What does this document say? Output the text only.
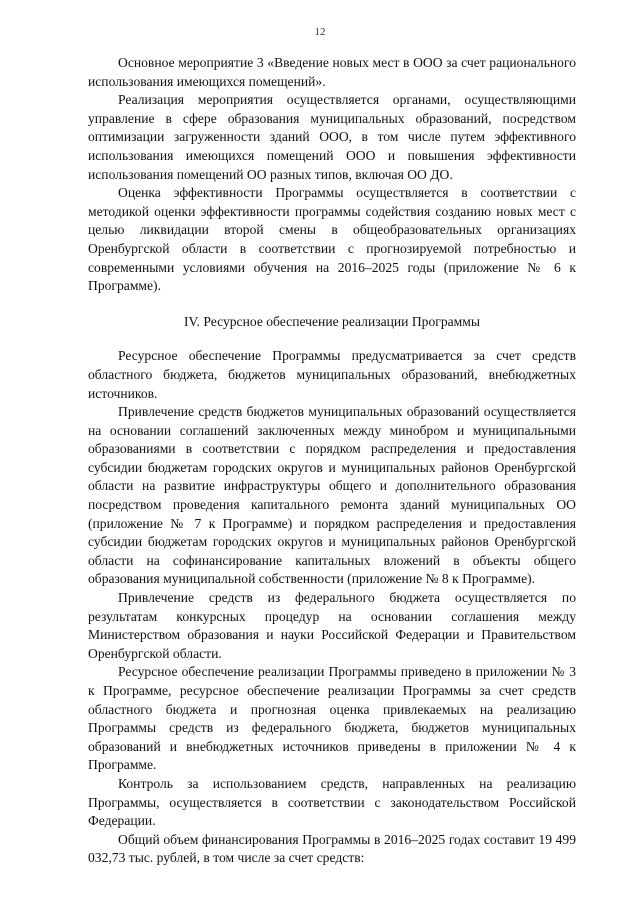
12

Основное мероприятие 3 «Введение новых мест в ООО за счет рационального использования имеющихся помещений».

Реализация мероприятия осуществляется органами, осуществляющими управление в сфере образования муниципальных образований, посредством оптимизации загруженности зданий ООО, в том числе путем эффективного использования имеющихся помещений ООО и повышения эффективности использования помещений ОО разных типов, включая ОО ДО.

Оценка эффективности Программы осуществляется в соответствии с методикой оценки эффективности программы содействия созданию новых мест с целью ликвидации второй смены в общеобразовательных организациях Оренбургской области в соответствии с прогнозируемой потребностью и современными условиями обучения на 2016–2025 годы (приложение № 6 к Программе).

IV. Ресурсное обеспечение реализации Программы

Ресурсное обеспечение Программы предусматривается за счет средств областного бюджета, бюджетов муниципальных образований, внебюджетных источников.

Привлечение средств бюджетов муниципальных образований осуществляется на основании соглашений заключенных между минобром и муниципальными образованиями в соответствии с порядком распределения и предоставления субсидии бюджетам городских округов и муниципальных районов Оренбургской области на развитие инфраструктуры общего и дополнительного образования посредством проведения капитального ремонта зданий муниципальных ОО (приложение № 7 к Программе) и порядком распределения и предоставления субсидии бюджетам городских округов и муниципальных районов Оренбургской области на софинансирование капитальных вложений в объекты общего образования муниципальной собственности (приложение № 8 к Программе).

Привлечение средств из федерального бюджета осуществляется по результатам конкурсных процедур на основании соглашения между Министерством образования и науки Российской Федерации и Правительством Оренбургской области.

Ресурсное обеспечение реализации Программы приведено в приложении № 3 к Программе, ресурсное обеспечение реализации Программы за счет средств областного бюджета и прогнозная оценка привлекаемых на реализацию Программы средств из федерального бюджета, бюджетов муниципальных образований и внебюджетных источников приведены в приложении № 4 к Программе.

Контроль за использованием средств, направленных на реализацию Программы, осуществляется в соответствии с законодательством Российской Федерации.

Общий объем финансирования Программы в 2016–2025 годах составит 19 499 032,73 тыс. рублей, в том числе за счет средств:
